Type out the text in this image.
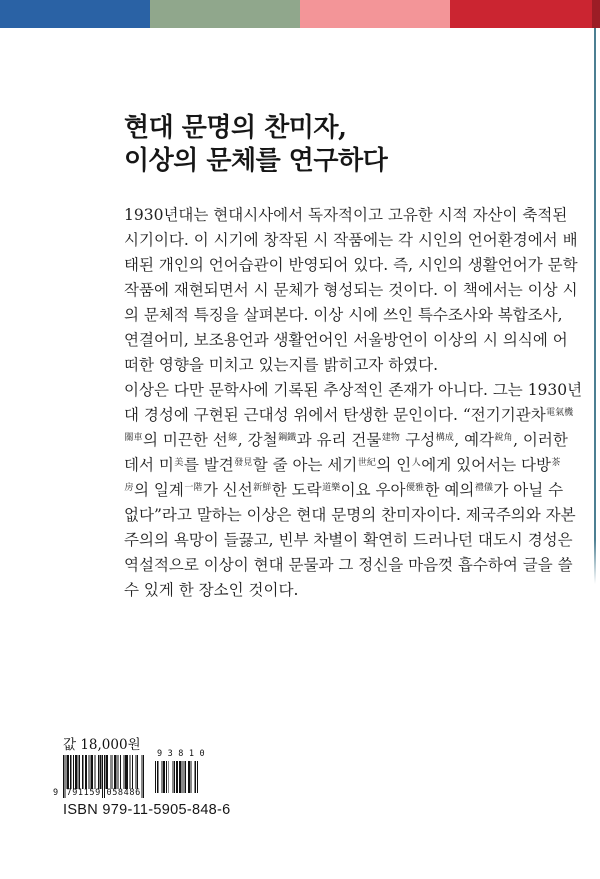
현대 문명의 찬미자,
이상의 문체를 연구하다
1930년대는 현대시사에서 독자적이고 고유한 시적 자산이 축적된
시기이다. 이 시기에 창작된 시 작품에는 각 시인의 언어환경에서 배
태된 개인의 언어습관이 반영되어 있다. 즉, 시인의 생활언어가 문학
작품에 재현되면서 시 문체가 형성되는 것이다. 이 책에서는 이상 시
의 문체적 특징을 살펴본다. 이상 시에 쓰인 특수조사와 복합조사,
연결어미, 보조용언과 생활언어인 서울방언이 이상의 시 의식에 어
떠한 영향을 미치고 있는지를 밝히고자 하였다.
이상은 다만 문학사에 기록된 추상적인 존재가 아니다. 그는 1930년
대 경성에 구현된 근대성 위에서 탄생한 문인이다. “전기기관차$^{電氣機}$
$^{關車}$의 미끈한 선$^線$, 강철$^{鋼鐵}$과 유리 건물$^{建物}$ 구성$^{構成}$, 예각$^{銳角}$, 이러한
데서 미$^美$를 발견$^{發見}$할 줄 아는 세기$^{世紀}$의 인$^人$에게 있어서는 다방$^茶$
$^房$의 일계$^{一階}$가 신선$^{新鮮}$한 도락$^{道樂}$이요 우아$^{優雅}$한 예의$^{禮儀}$가 아닐 수
없다”라고 말하는 이상은 현대 문명의 찬미자이다. 제국주의와 자본
주의의 욕망이 들끓고, 빈부 차별이 확연히 드러나던 대도시 경성은
역설적으로 이상이 현대 문물과 그 정신을 마음껏 흡수하여 글을 쓸
수 있게 한 장소인 것이다.
값 18,000원
9 791159 058486
93810
ISBN 979-11-5905-848-6
